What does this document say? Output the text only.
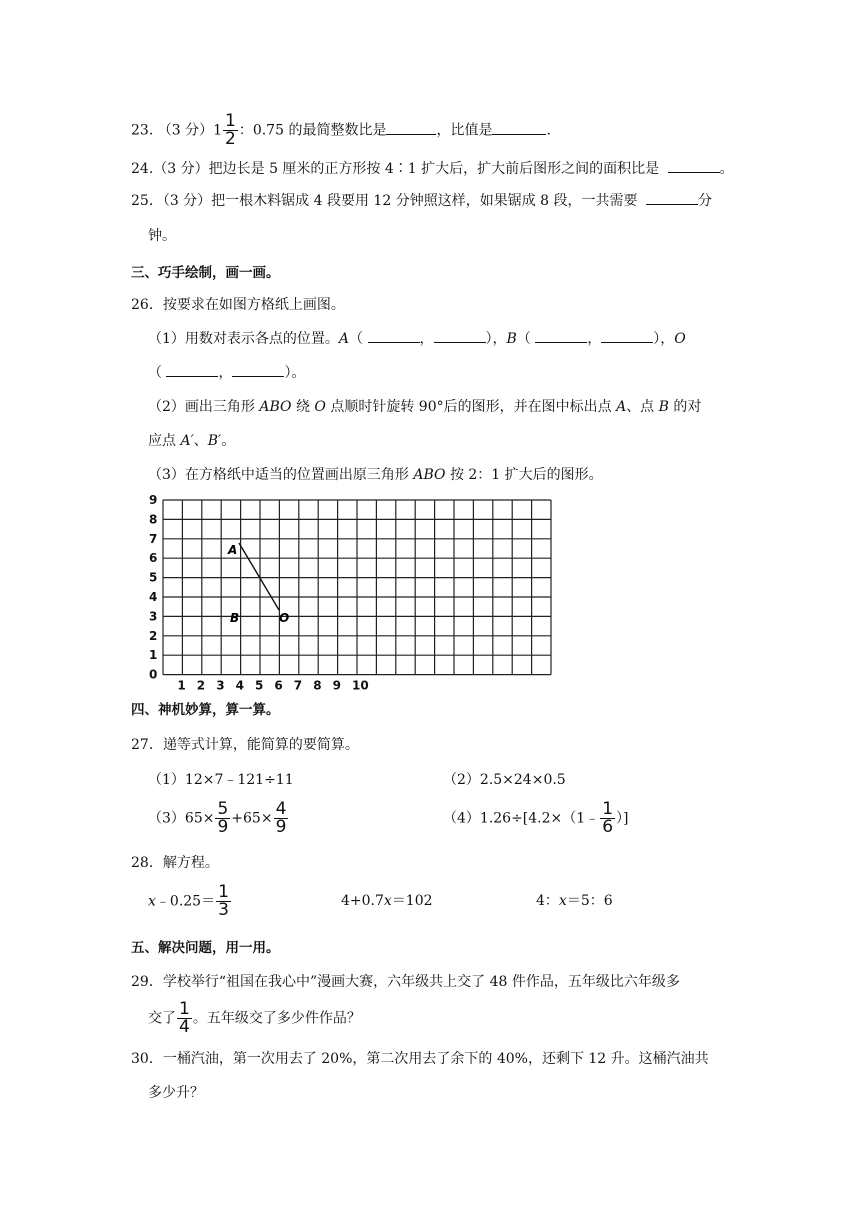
23. （3 分）$1 \frac{1}{2}$ ：0.75 的最简整数比是	，比值是	.
24.（3 分）把边长是 5 厘米的正方形按 4∶1 扩大后，扩大前后图形之间的面积比是	。
25．（3 分）把一根木料锯成 4 段要用 12 分钟照这样，如果锯成 8 段，一共需要	分
钟。
三、巧手绘制，画一画。
26．按要求在如图方格纸上画图。
（1）用数对表示各点的位置。A（	，	），B（	，	），O
（	，	）。
（2）画出三角形 ABO 绕 O 点顺时针旋转 90°后的图形，并在图中标出点 A、点 B 的对
应点 A′、B′。
（3）在方格纸中适当的位置画出原三角形 ABO 按 2：1 扩大后的图形。
0
1
2
3
4
5
6
7
8
9
1 2 3 4 5 6 7 8 9 10
A
B	O
四、神机妙算，算一算。
27．递等式计算，能简算的要简算。
（1）12×7﹣121÷11	（2）2.5×24×0.5
$(3)65\times \frac{5}{9} +65\times \frac{4}{9}$	（4）1.26÷[4.2×（1﹣ $\frac{1}{6}$ ）]
28．解方程。
x﹣0.25＝ $\frac{1}{3}$	4+0.7x＝102	4：x＝5：6
五、解决问题，用一用。
29．学校举行“祖国在我心中”漫画大赛，六年级共上交了 48 件作品，五年级比六年级多
交了 $\frac{1}{4}$ 。五年级交了多少件作品？
30．一桶汽油，第一次用去了 20%，第二次用去了余下的 40%，还剩下 12 升。这桶汽油共
多少升？
